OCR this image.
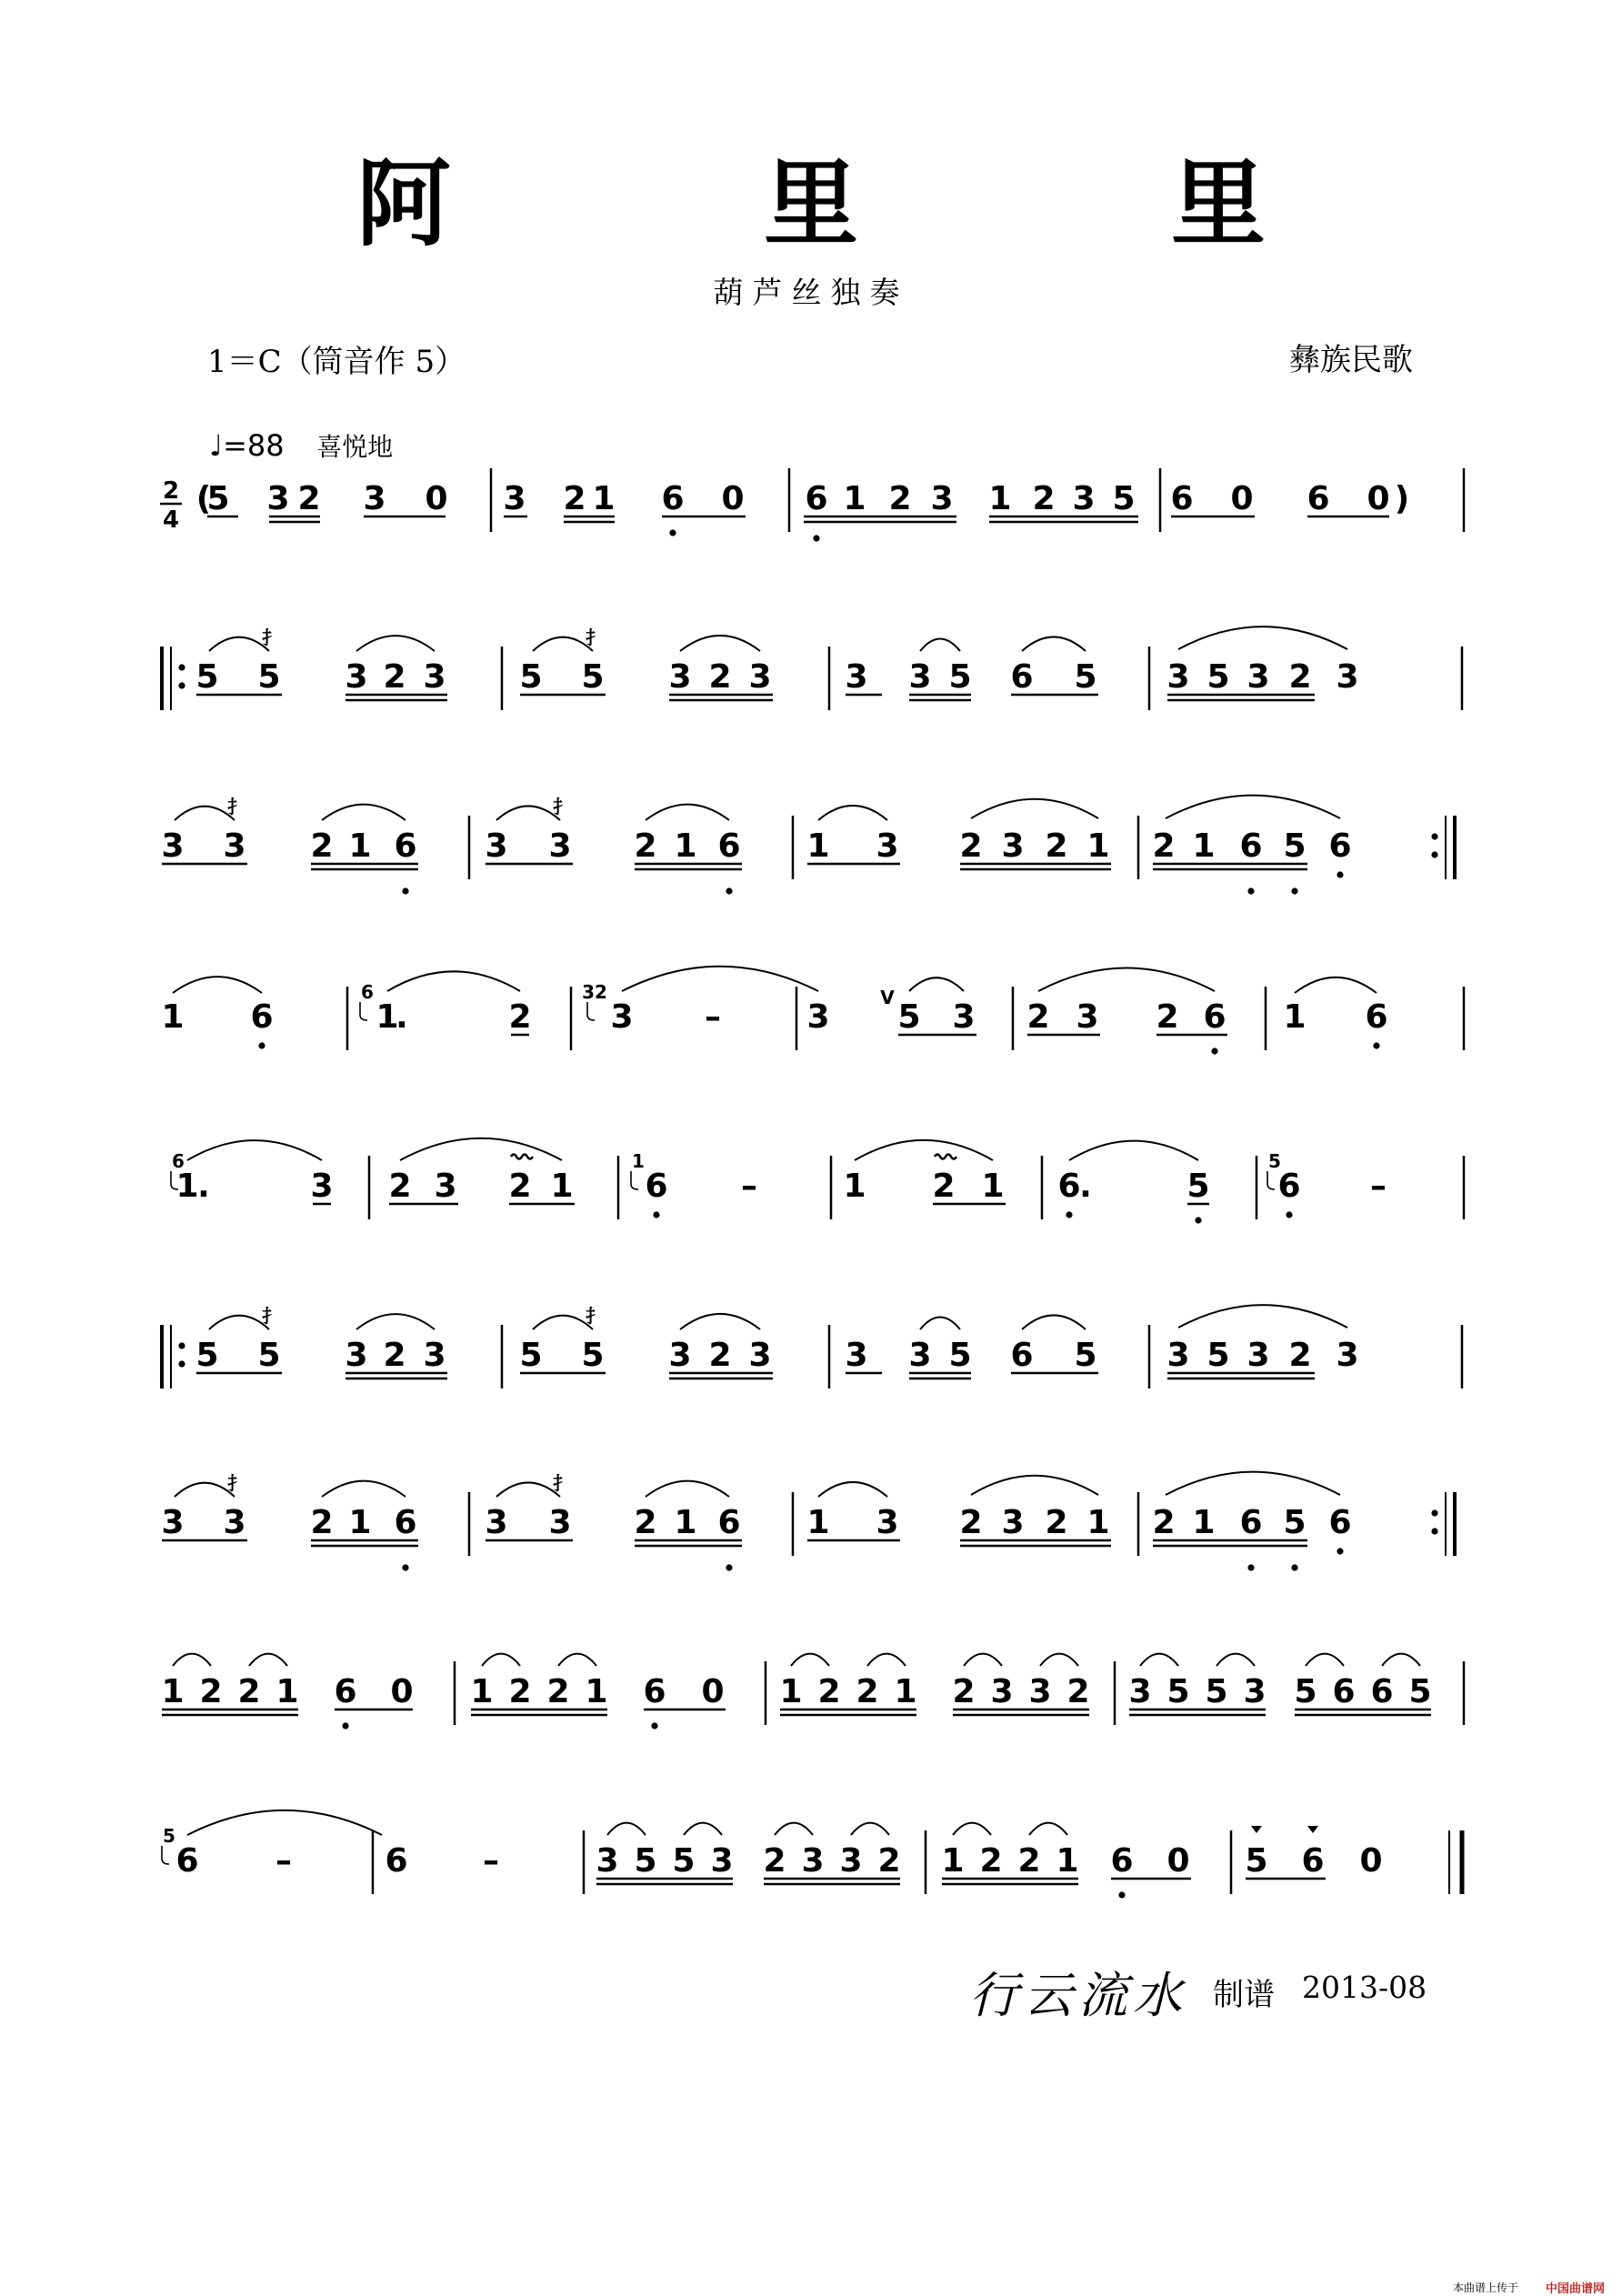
阿　里　里
葫芦丝独奏
1＝C（筒音作 5）	彝族民歌
♩=88 喜悦地
2
4
(
5 3 2 3 0 3 2 1 6 0 6 1 2 3 1 2 3 5 6 0 6 0 )
5 5 3 2 3
扌
5 5 3 2 3
扌
3 3 5 6 5 3 5 3 2 3
3 3 2 1 6
扌
3 3 2 1 6
扌
1 3 2 3 2 1 2 1 6 5 6
1 6
6
1
.	2
32
3 –	3
V
5 3 2 3 2 6 1 6
6
1
.	3 2 3 2 1
1
6 –	1 2 1 6
.	5
5
6 –
5 5 3 2 3
扌
5 5 3 2 3
扌
3 3 5 6 5 3 5 3 2 3
3 3 2 1 6
扌
3 3 2 1 6
扌
1 3 2 3 2 1 2 1 6 5 6
1 2 2 1 6 0 1 2 2 1 6 0 1 2 2 1 2 3 3 2 3 5 5 3 5 6 6 5
5
6 –	6 –	3 5 5 3 2 3 3 2 1 2 2 1 6 0 5 6 0
行云流水 制谱 2013-08
本曲谱上传于 中国曲谱网
